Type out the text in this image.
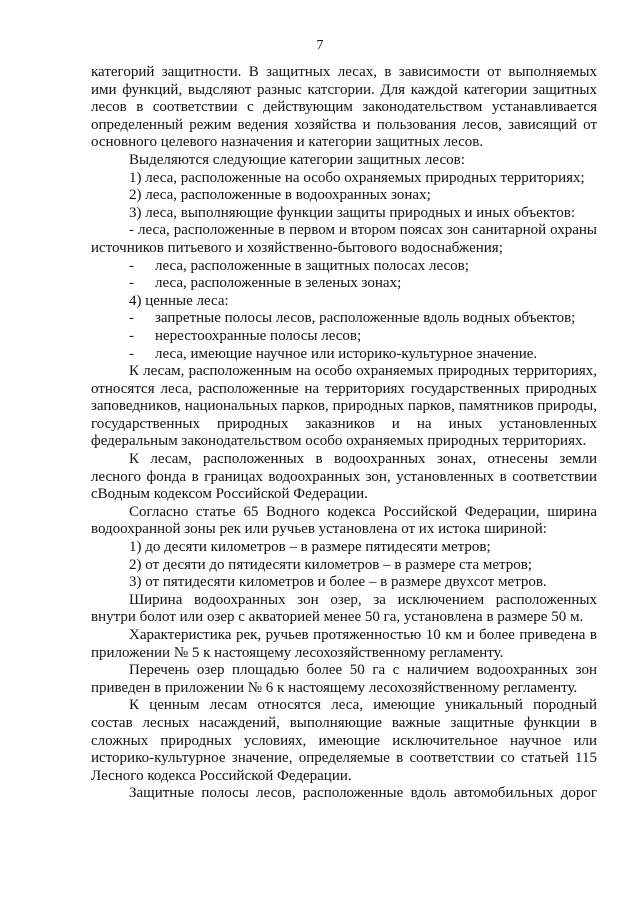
7

категорий защитности. В защитных лесах, в зависимости от выполняемых ими функций, выдсляют разныс катсгории. Для каждой категории защитных лесов в соответствии с действующим законодательством устанавливается определенный режим ведения хозяйства и пользования лесов, зависящий от основного целевого назначения и категории защитных лесов.

Выделяются следующие категории защитных лесов:

1) леса, расположенные на особо охраняемых природных территориях;

2) леса, расположенные в водоохранных зонах;

3) леса, выполняющие функции защиты природных и иных объектов:

- леса, расположенные в первом и втором поясах зон санитарной охраны источников питьевого и хозяйственно-бытового водоснабжения;

-	леса, расположенные в защитных полосах лесов;
-	леса, расположенные в зеленых зонах;

4) ценные леса:

-	запретные полосы лесов, расположенные вдоль водных объектов;
-	нерестоохранные полосы лесов;
-	леса, имеющие научное или историко-культурное значение.

К лесам, расположенным на особо охраняемых природных территориях, относятся леса, расположенные на территориях государственных природных заповедников, национальных парков, природных парков, памятников природы, государственных природных заказников и на иных установленных федеральным законодательством особо охраняемых природных территориях.

К лесам, расположенных в водоохранных зонах, отнесены земли лесного фонда в границах водоохранных зон, установленных в соответствии сВодным кодексом Российской Федерации.

Согласно статье 65 Водного кодекса Российской Федерации, ширина водоохранной зоны рек или ручьев установлена от их истока шириной:

1) до десяти километров – в размере пятидесяти метров;

2) от десяти до пятидесяти километров – в размере ста метров;

3) от пятидесяти километров и более – в размере двухсот метров.

Ширина водоохранных зон озер, за исключением расположенных внутри болот или озер с акваторией менее 50 га, установлена в размере 50 м.

Характеристика рек, ручьев протяженностью 10 км и более приведена в приложении № 5 к настоящему лесохозяйственному регламенту.

Перечень озер площадью более 50 га с наличием водоохранных зон приведен в приложении № 6 к настоящему лесохозяйственному регламенту.

К ценным лесам относятся леса, имеющие уникальный породный состав лесных насаждений, выполняющие важные защитные функции в сложных природных условиях, имеющие исключительное научное или историко-культурное значение, определяемые в соответствии со статьей 115 Лесного кодекса Российской Федерации.

Защитные полосы лесов, расположенные вдоль автомобильных дорог
